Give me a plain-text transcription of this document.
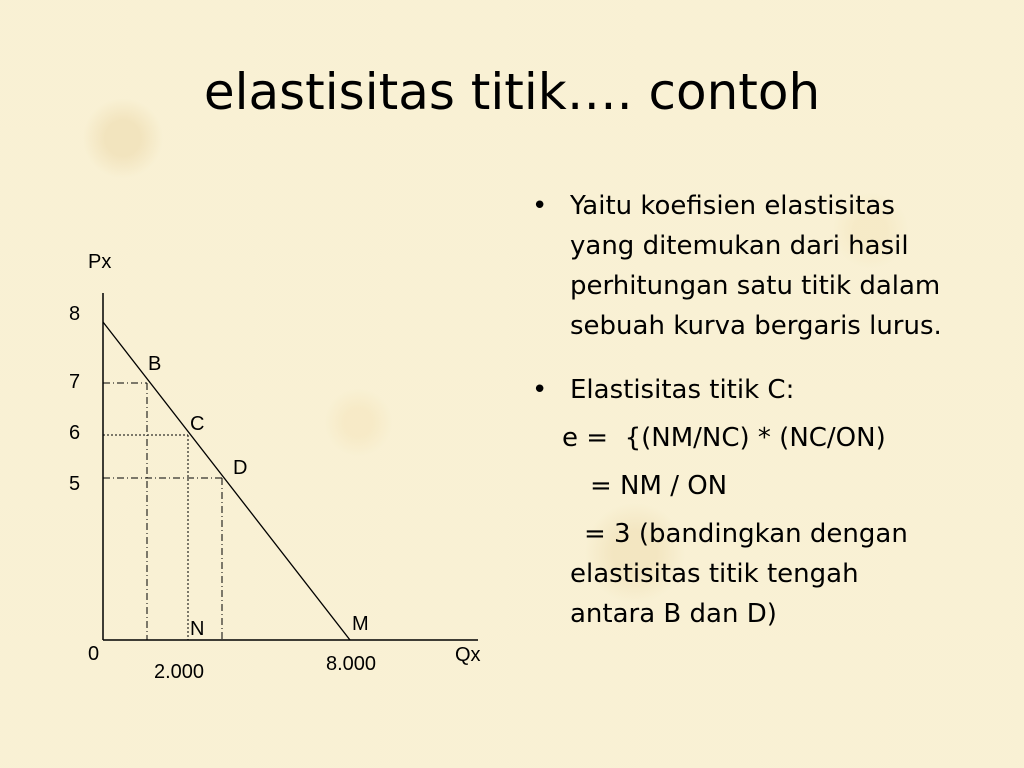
elastisitas titik…. contoh
Px
Qx
0
8
7
6
5
2.000	8.000
B
C
D
N	M
• Yaitu koefisien elastisitas
yang ditemukan dari hasil
perhitungan satu titik dalam
sebuah kurva bergaris lurus.
• Elastisitas titik C:
e =  {(NM/NC) * (NC/ON)
= NM / ON
= 3 (bandingkan dengan
elastisitas titik tengah
antara B dan D)
